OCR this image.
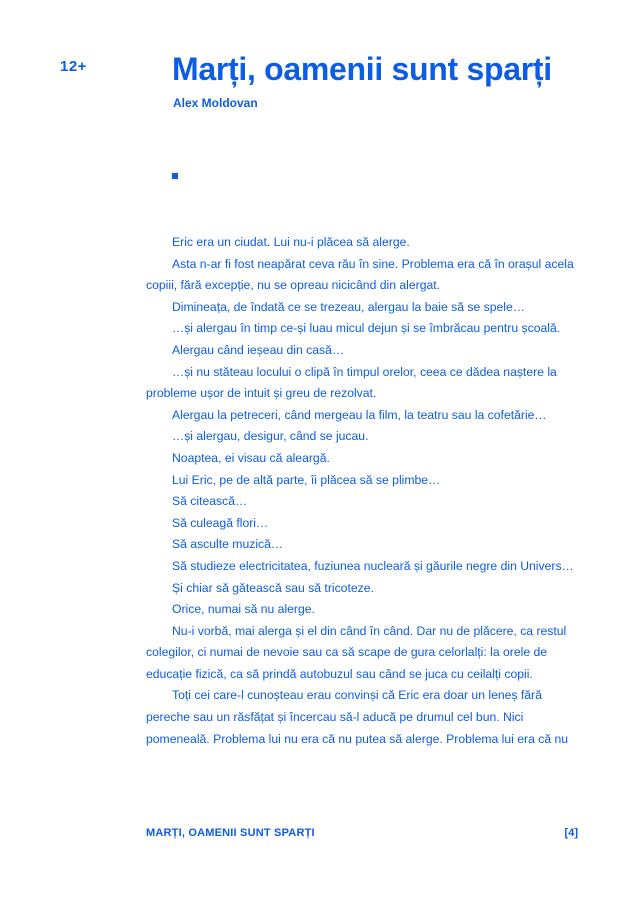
12+	Marți, oamenii sunt sparți
Alex Moldovan

Eric era un ciudat. Lui nu-i plăcea să alerge.

Asta n-ar fi fost neapărat ceva rău în sine. Problema era că în orașul acela copiii, fără excepție, nu se opreau nicicând din alergat.

Dimineața, de îndată ce se trezeau, alergau la baie să se spele…

…și alergau în timp ce-și luau micul dejun și se îmbrăcau pentru școală.

Alergau când ieșeau din casă…

…și nu stăteau locului o clipă în timpul orelor, ceea ce dădea naștere la probleme ușor de intuit și greu de rezolvat.

Alergau la petreceri, când mergeau la film, la teatru sau la cofetărie…

…și alergau, desigur, când se jucau.

Noaptea, ei visau că aleargă.

Lui Eric, pe de altă parte, îi plăcea să se plimbe…

Să citească…

Să culeagă flori…

Să asculte muzică…

Să studieze electricitatea, fuziunea nucleară și găurile negre din Univers…

Și chiar să gătească sau să tricoteze.

Orice, numai să nu alerge.

Nu-i vorbă, mai alerga și el din când în când. Dar nu de plăcere, ca restul colegilor, ci numai de nevoie sau ca să scape de gura celorlalți: la orele de educație fizică, ca să prindă autobuzul sau când se juca cu ceilalți copii.

Toți cei care-l cunoșteau erau convinși că Eric era doar un leneș fără pereche sau un răsfățat și încercau să-l aducă pe drumul cel bun. Nici pomeneală. Problema lui nu era că nu putea să alerge. Problema lui era că nu

MARȚI, OAMENII SUNT SPARȚI	[4]
